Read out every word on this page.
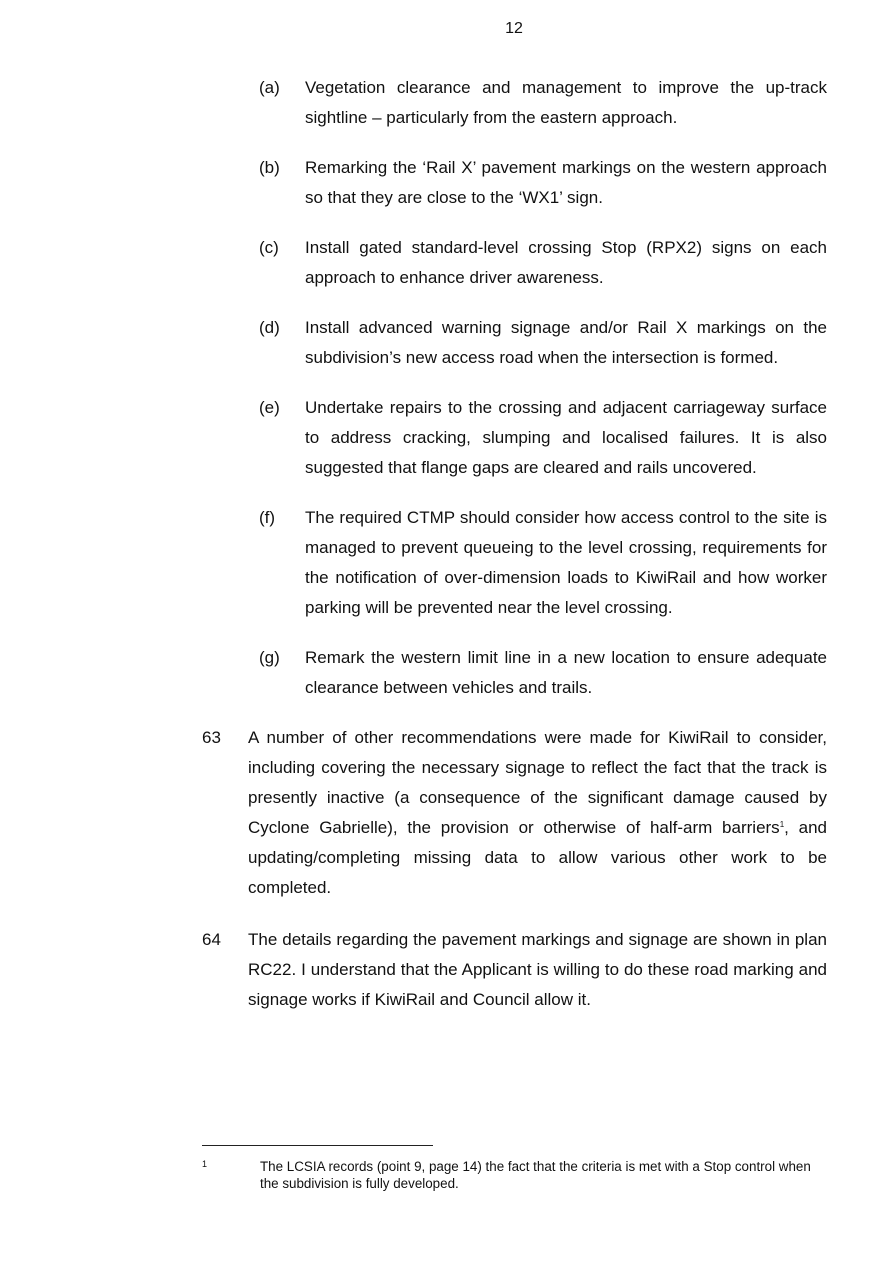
12
(a) Vegetation clearance and management to improve the up-track sightline – particularly from the eastern approach.
(b) Remarking the ‘Rail X’ pavement markings on the western approach so that they are close to the ‘WX1’ sign.
(c) Install gated standard-level crossing Stop (RPX2) signs on each approach to enhance driver awareness.
(d) Install advanced warning signage and/or Rail X markings on the subdivision’s new access road when the intersection is formed.
(e) Undertake repairs to the crossing and adjacent carriageway surface to address cracking, slumping and localised failures. It is also suggested that flange gaps are cleared and rails uncovered.
(f) The required CTMP should consider how access control to the site is managed to prevent queueing to the level crossing, requirements for the notification of over-dimension loads to KiwiRail and how worker parking will be prevented near the level crossing.
(g) Remark the western limit line in a new location to ensure adequate clearance between vehicles and trails.
63 A number of other recommendations were made for KiwiRail to consider, including covering the necessary signage to reflect the fact that the track is presently inactive (a consequence of the significant damage caused by Cyclone Gabrielle), the provision or otherwise of half-arm barriers$^1$, and updating/completing missing data to allow various other work to be completed.
64 The details regarding the pavement markings and signage are shown in plan RC22. I understand that the Applicant is willing to do these road marking and signage works if KiwiRail and Council allow it.
1	The LCSIA records (point 9, page 14) the fact that the criteria is met with a Stop control when the subdivision is fully developed.
